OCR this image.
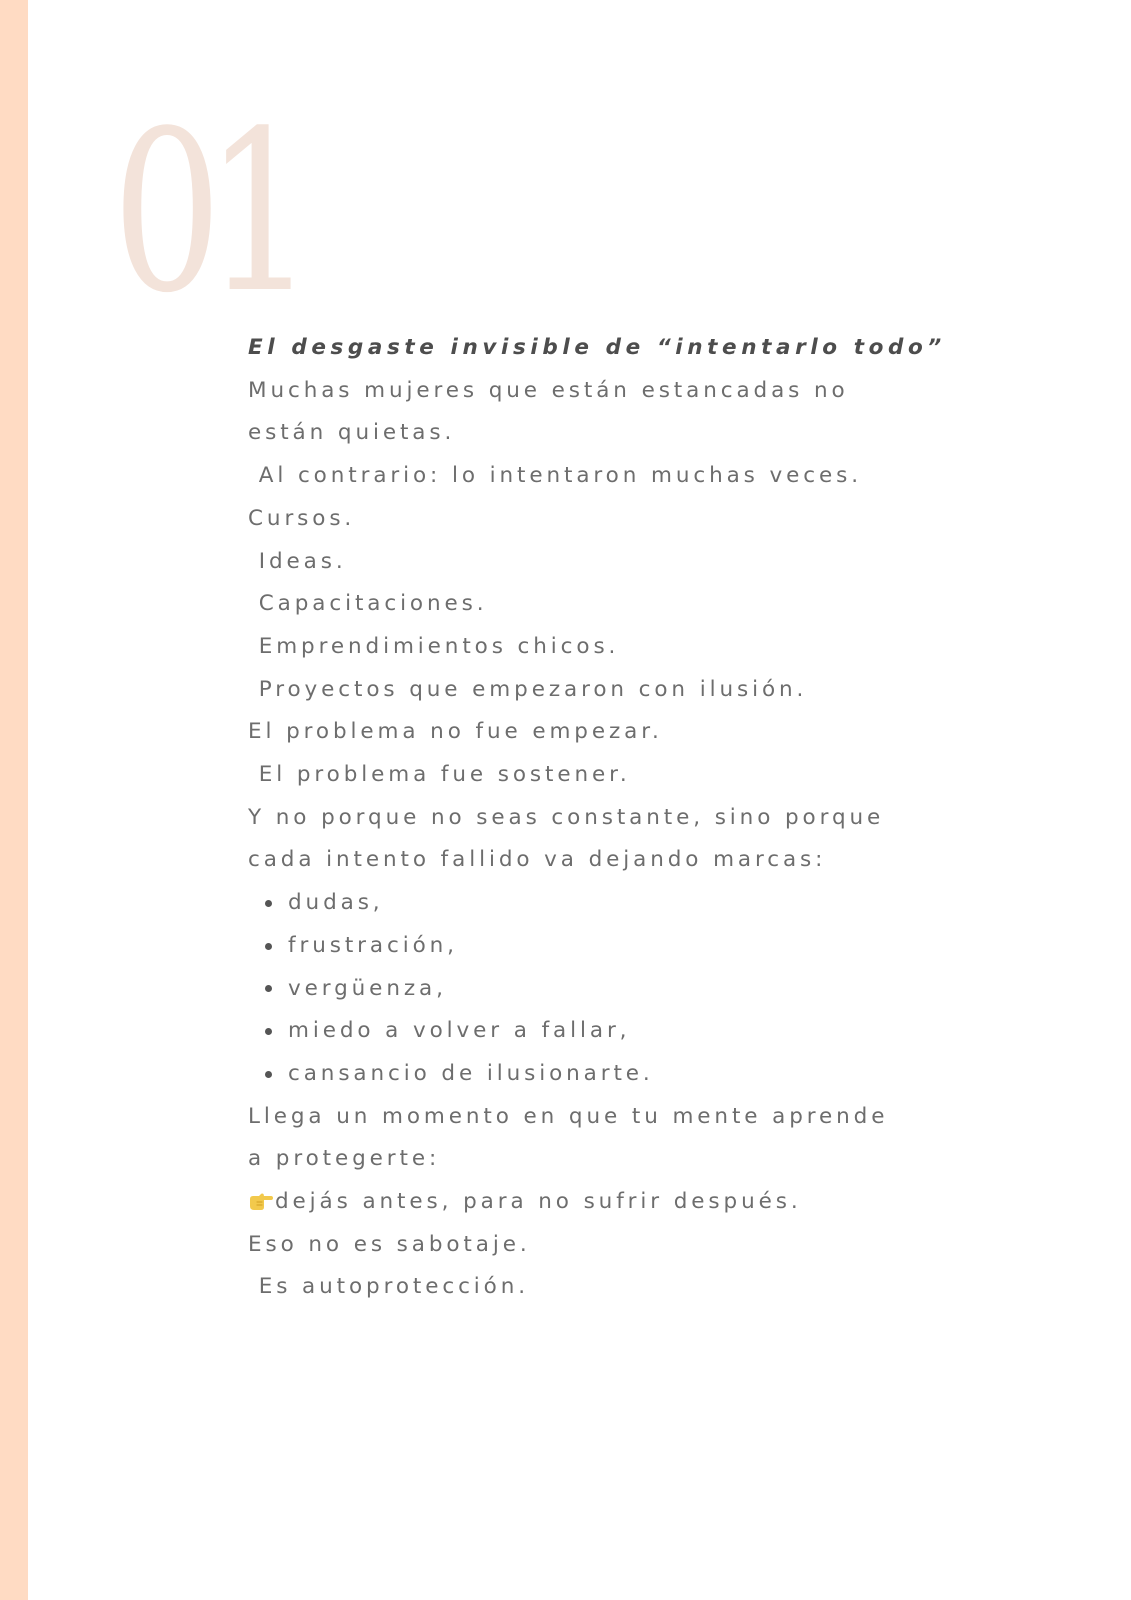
01

El desgaste invisible de “intentarlo todo”

Muchas mujeres que están estancadas no

están quietas.

Al contrario: lo intentaron muchas veces.

Cursos.

Ideas.

Capacitaciones.

Emprendimientos chicos.

Proyectos que empezaron con ilusión.

El problema no fue empezar.

El problema fue sostener.

Y no porque no seas constante, sino porque

cada intento fallido va dejando marcas:

dudas,
frustración,
vergüenza,
miedo a volver a fallar,
cansancio de ilusionarte.

Llega un momento en que tu mente aprende

a protegerte:

dejás antes, para no sufrir después.

Eso no es sabotaje.

Es autoprotección.
